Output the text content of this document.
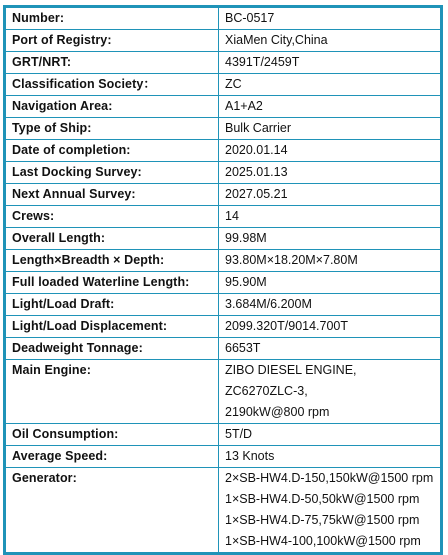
Number:	BC-0517

Port of Registry:	XiaMen City,China

GRT/NRT:	4391T/2459T

Classification Society：	ZC

Navigation Area:	A1+A2

Type of Ship:	Bulk Carrier

Date of completion:	2020.01.14

Last Docking Survey:	2025.01.13

Next Annual Survey:	2027.05.21

Crews:	14

Overall Length:	99.98M

Length×Breadth × Depth:	93.80M×18.20M×7.80M

Full loaded Waterline Length:	95.90M

Light/Load Draft:	3.684M/6.200M

Light/Load Displacement:	2099.320T/9014.700T

Deadweight Tonnage:	6653T

Main Engine:	ZIBO DIESEL ENGINE,
ZC6270ZLC-3,
2190kW@800 rpm

Oil Consumption:	5T/D

Average Speed:	13 Knots

Generator:	2×SB-HW4.D-150,150kW@1500 rpm
1×SB-HW4.D-50,50kW@1500 rpm
1×SB-HW4.D-75,75kW@1500 rpm
1×SB-HW4-100,100kW@1500 rpm
